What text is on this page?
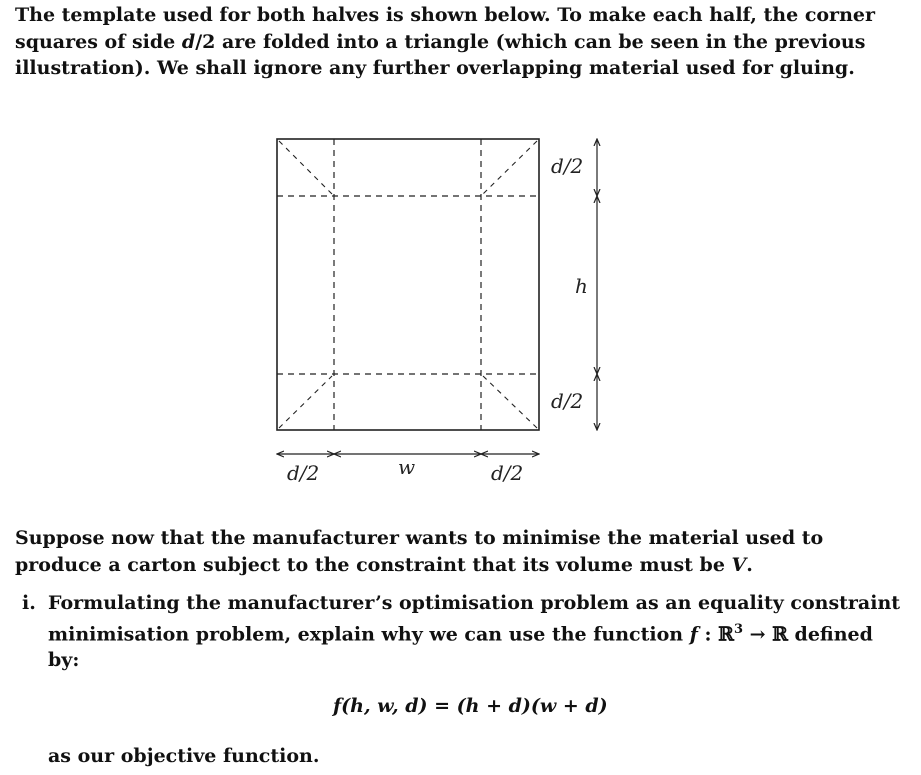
The template used for both halves is shown below. To make each half, the corner squares of side d/2 are folded into a triangle (which can be seen in the previous illustration). We shall ignore any further overlapping material used for gluing.
d/2
h
d/2
d/2	w	d/2
Suppose now that the manufacturer wants to minimise the material used to produce a carton subject to the constraint that its volume must be V.
i. Formulating the manufacturer’s optimisation problem as an equality constraint minimisation problem, explain why we can use the function f : ℝ$^3$ → ℝ defined by:
f(h, w, d) = (h + d)(w + d)
as our objective function.
